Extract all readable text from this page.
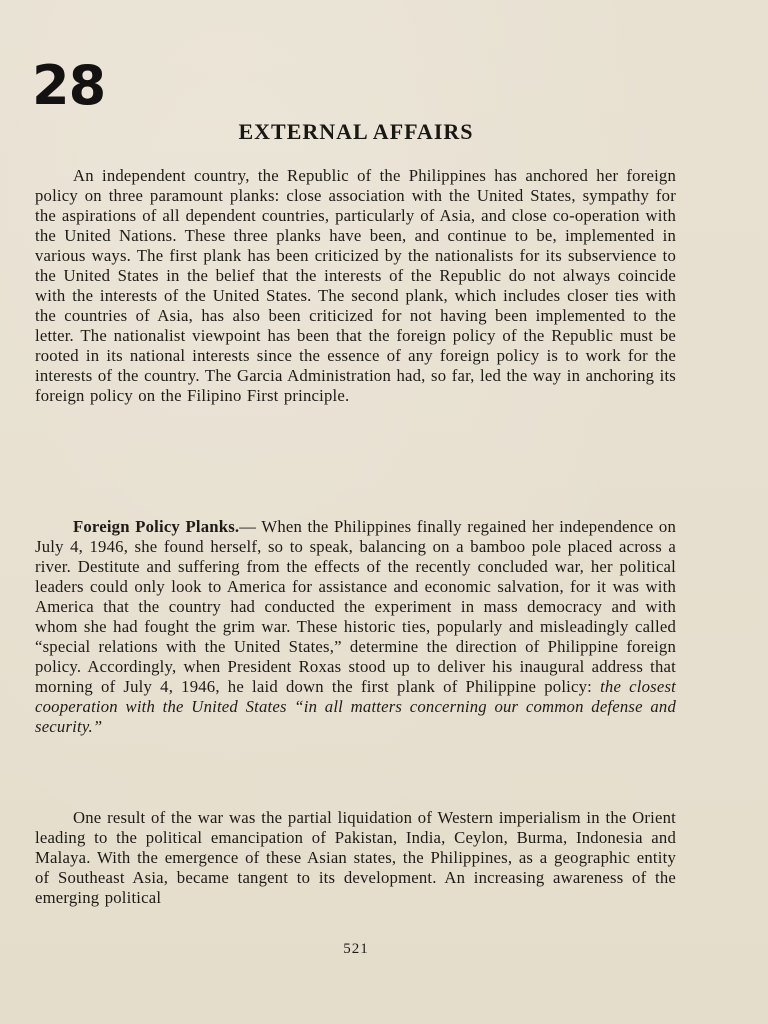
28
EXTERNAL AFFAIRS

An independent country, the Republic of the Philippines has anchored her foreign policy on three paramount planks: close association with the United States, sympathy for the aspirations of all dependent countries, particularly of Asia, and close co-operation with the United Nations. These three planks have been, and continue to be, implemented in various ways. The first plank has been criticized by the nationalists for its subservience to the United States in the belief that the interests of the Republic do not always coincide with the interests of the United States. The second plank, which includes closer ties with the countries of Asia, has also been criticized for not having been implemented to the letter. The nationalist viewpoint has been that the foreign policy of the Republic must be rooted in its national interests since the essence of any foreign policy is to work for the interests of the country. The Garcia Administration had, so far, led the way in anchoring its foreign policy on the Filipino First principle.

Foreign Policy Planks.— When the Philippines finally regained her independence on July 4, 1946, she found herself, so to speak, balancing on a bamboo pole placed across a river. Destitute and suffering from the effects of the recently concluded war, her political leaders could only look to America for assistance and economic salvation, for it was with America that the country had conducted the experiment in mass democracy and with whom she had fought the grim war. These historic ties, popularly and misleadingly called “special relations with the United States,” determine the direction of Philippine foreign policy. Accordingly, when President Roxas stood up to deliver his inaugural address that morning of July 4, 1946, he laid down the first plank of Philippine policy: the closest cooperation with the United States “in all matters concerning our common defense and security.”

One result of the war was the partial liquidation of Western imperialism in the Orient leading to the political emancipation of Pakistan, India, Ceylon, Burma, Indonesia and Malaya. With the emergence of these Asian states, the Philippines, as a geographic entity of Southeast Asia, became tangent to its development. An increasing awareness of the emerging political

521
